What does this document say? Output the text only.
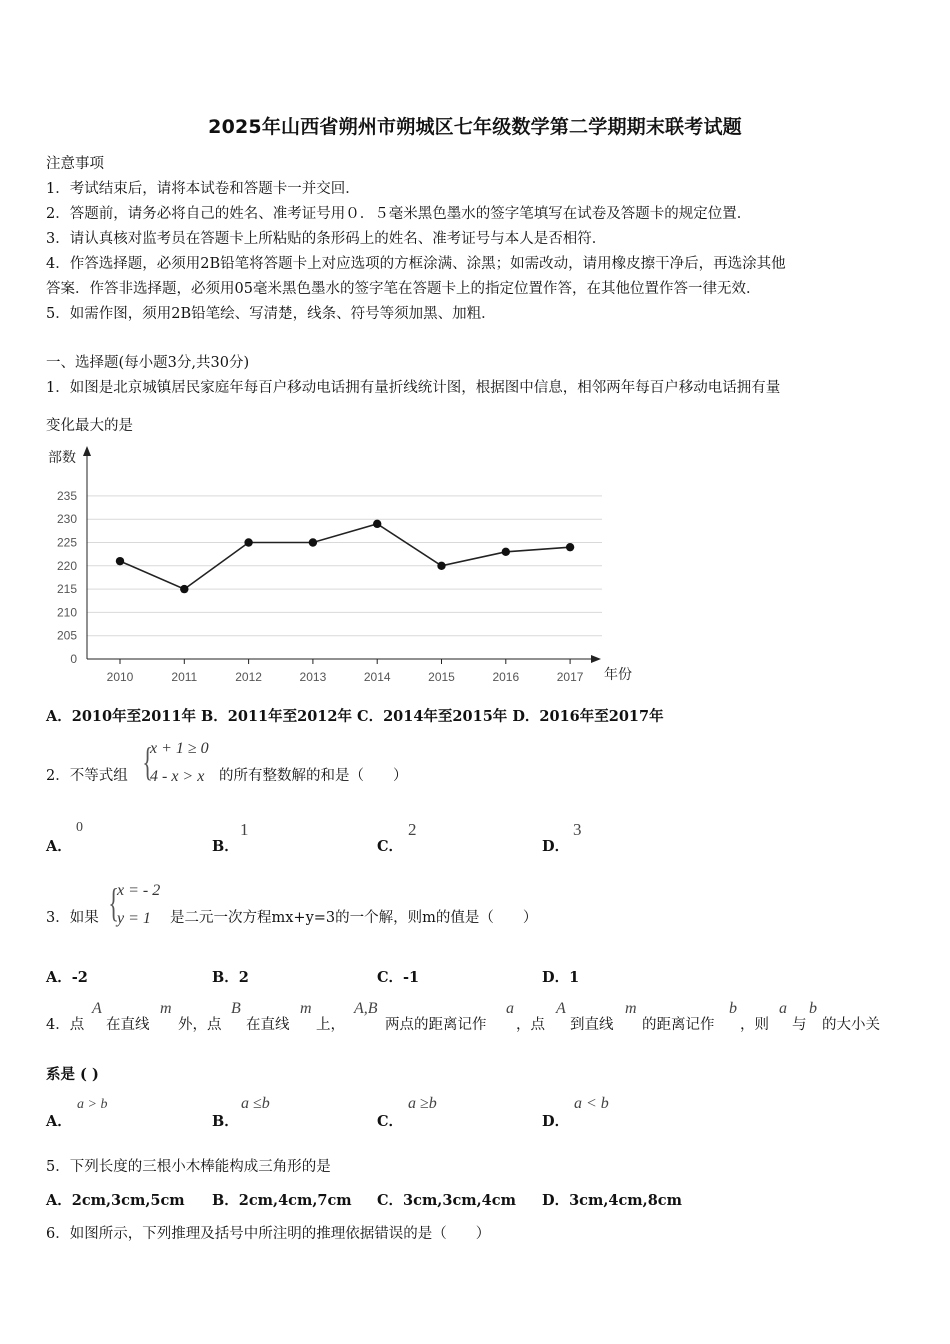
2025年山西省朔州市朔城区七年级数学第二学期期末联考试题
注意事项
1．考试结束后，请将本试卷和答题卡一并交回．
2．答题前，请务必将自己的姓名、准考证号用０．５毫米黑色墨水的签字笔填写在试卷及答题卡的规定位置．
3．请认真核对监考员在答题卡上所粘贴的条形码上的姓名、准考证号与本人是否相符．
4．作答选择题，必须用2B铅笔将答题卡上对应选项的方框涂满、涂黑；如需改动，请用橡皮擦干净后，再选涂其他
答案．作答非选择题，必须用05毫米黑色墨水的签字笔在答题卡上的指定位置作答，在其他位置作答一律无效．
5．如需作图，须用2B铅笔绘、写清楚，线条、符号等须加黑、加粗．
一、选择题(每小题3分,共30分)
1．如图是北京城镇居民家庭年每百户移动电话拥有量折线统计图，根据图中信息，相邻两年每百户移动电话拥有量
变化最大的是
0
205
210
215
220
225
230
235
2010	2011	2012	2013	2014	2015	2016	2017
部数
年份
A．2010年至2011年 B．2011年至2012年 C．2014年至2015年 D．2016年至2017年
2．不等式组 {
x + 1 ≥ 0
4 - x > x 的所有整数解的和是（　　）
A．
0
B．
1
C．
2
D．
3
3．如果 {
x = - 2
y = 1 是二元一次方程mx+y=3的一个解，则m的值是（　　）
A．-2	B．2	C．-1	D．1
4．点
A
在直线
m
外，点
B
在直线
m
上，
A,B
两点的距离记作
a
，点
A
到直线
m
的距离记作
b
，则
a
与
b
的大小关
系是 ( )
A．
a > b
B．
a ≤b
C．
a ≥b
D．
a < b
5．下列长度的三根小木棒能构成三角形的是
A．2cm,3cm,5cm B．2cm,4cm,7cm C．3cm,3cm,4cm D．3cm,4cm,8cm
6．如图所示，下列推理及括号中所注明的推理依据错误的是（　　）
